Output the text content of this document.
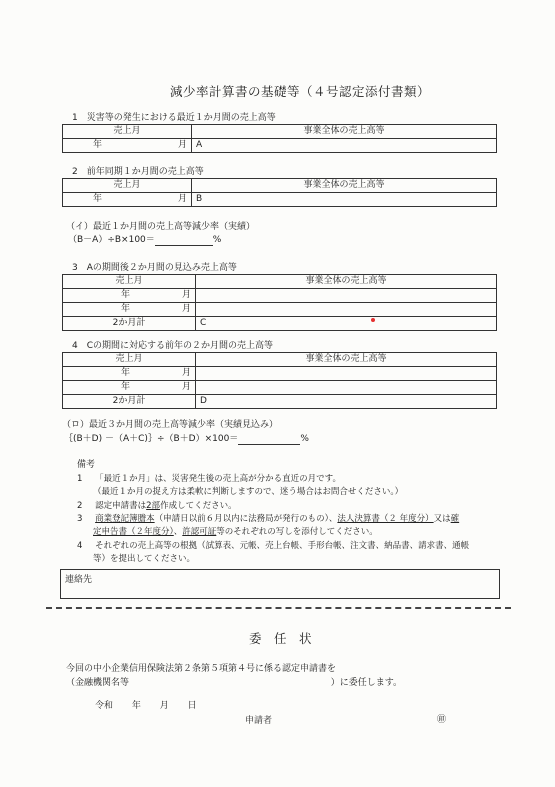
減少率計算書の基礎等（４号認定添付書類）
1　災害等の発生における最近１か月間の売上高等
売上月	事業全体の売上高等
年 月	A
2　前年同期１か月間の売上高等
売上月	事業全体の売上高等
年 月	B
（イ）最近１か月間の売上高等減少率（実績）
（B－A）÷B×100＝	%
3　Aの期間後２か月間の見込み売上高等
売上月	事業全体の売上高等
年 月	

年 月	

2か月計	C
4　Cの期間に対応する前年の２か月間の売上高等
売上月	事業全体の売上高等
年 月	

年 月	

2か月計	D
（ロ）最近３か月間の売上高等減少率（実績見込み）
｛(B＋D) －（A＋C)｝÷（B＋D）×100＝	%
備考
1 「最近１か月」は、災害発生後の売上高が分かる直近の月です。
（最近１か月の捉え方は柔軟に判断しますので、迷う場合はお問合せください。）
2 認定申請書は2部作成してください。
3 商業登記簿謄本（申請日以前６月以内に法務局が発行のもの）、法人決算書（２ 年度分）又は確
定申告書（２年度分）、許認可証等のそれぞれの写しを添付してください。
4 それぞれの売上高等の根拠（試算表、元帳、売上台帳、手形台帳、注文書、納品書、請求書、通帳
等）を提出してください。
連絡先
委　任　状
今回の中小企業信用保険法第２条第５項第４号に係る認定申請書を
（金融機関名等	）に委任します。
令和 年 月 日
申請者	㊞
